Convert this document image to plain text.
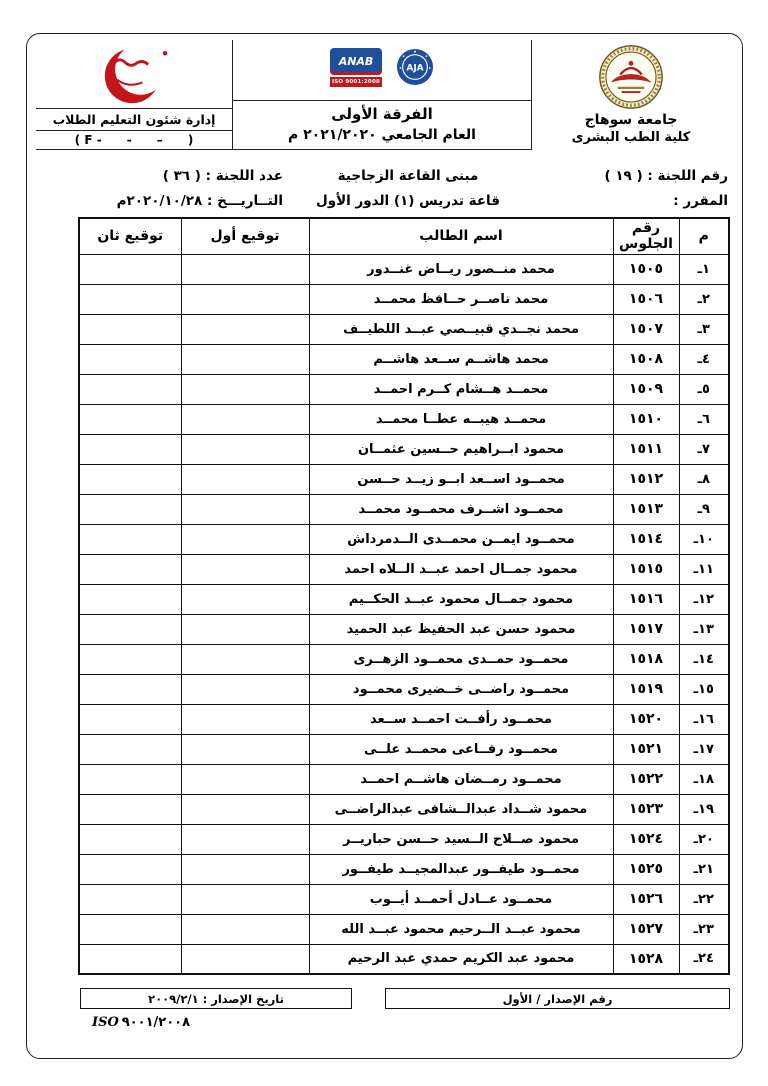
جامعة سوهاج
كلية الطب البشرى
ANAB
ISO 9001:2008
AJA
الفرقة الأولى
العام الجامعي ٢٠٢١/٢٠٢٠ م
إدارة شئون التعليم الطلاب
( F -      -      –      )
رقم اللجنة : ( ١٩ )
مبنى القاعة الزجاجية
عدد اللجنة : ( ٣٦ )
المقرر :
قاعة تدريس (١) الدور الأول
التــاريـــخ : ٢٠٢٠/١٠/٢٨م
م	رقم الجلوس	اسم الطالب	توقيع أول	توقيع ثان
١ـ	١٥٠٥	محمد منــصور ريــاض غنــدور		
٢ـ	١٥٠٦	محمد ناصــر حــافظ محمــد		
٣ـ	١٥٠٧	محمد نجــدي قبيــصي عبــد اللطيــف		
٤ـ	١٥٠٨	محمد هاشــم ســعد هاشــم		
٥ـ	١٥٠٩	محمــد هــشام كــرم احمــد		
٦ـ	١٥١٠	محمــد هيبــه عطــا محمــد		
٧ـ	١٥١١	محمود ابــراهيم حــسين عثمــان		
٨ـ	١٥١٢	محمــود اســعد ابــو زيــد حــسن		
٩ـ	١٥١٣	محمــود اشــرف محمــود محمــد		
١٠ـ	١٥١٤	محمــود ايمــن محمــدى الــدمرداش		
١١ـ	١٥١٥	محمود جمــال احمد عبــد الــلاه احمد		
١٢ـ	١٥١٦	محمود جمــال محمود عبــد الحكــيم		
١٣ـ	١٥١٧	محمود حسن عبد الحفيظ عبد الحميد		
١٤ـ	١٥١٨	محمــود حمــدى محمــود الزهــرى		
١٥ـ	١٥١٩	محمــود راضــى خــضيرى محمــود		
١٦ـ	١٥٢٠	محمــود رأفــت احمــد ســعد		
١٧ـ	١٥٢١	محمــود رفــاعى محمــد علــى		
١٨ـ	١٥٢٢	محمــود رمــضان هاشــم احمــد		
١٩ـ	١٥٢٣	محمود شــداد عبدالــشافى عبدالراضــى		
٢٠ـ	١٥٢٤	محمود صــلاح الــسيد حــسن حباريــر		
٢١ـ	١٥٢٥	محمــود طيفــور عبدالمجيــد طيفــور		
٢٢ـ	١٥٢٦	محمــود عــادل أحمــد أيــوب		
٢٣ـ	١٥٢٧	محمود عبــد الــرحيم محمود عبــد الله		
٢٤ـ	١٥٢٨	محمود عبد الكريم حمدي عبد الرحيم		
رقم الإصدار / الأول
تاريخ الإصدار : ٢٠٠٩/٢/١
ISO ٩٠٠١/٢٠٠٨
